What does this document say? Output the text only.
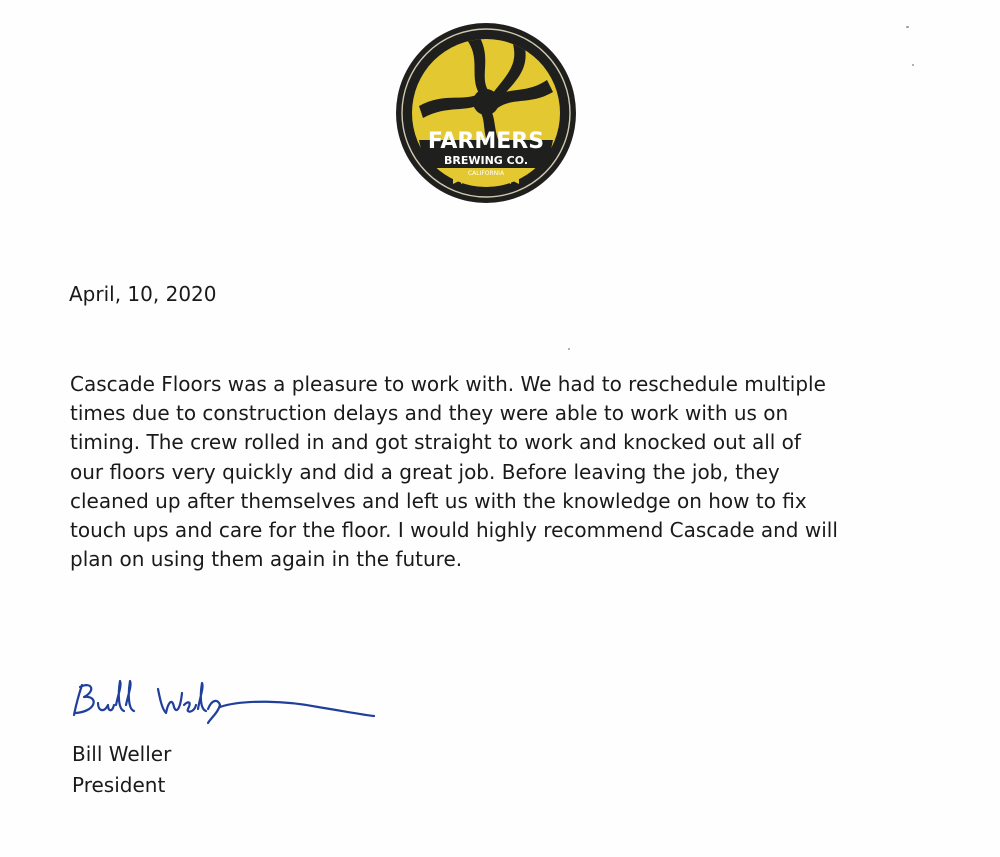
FARMERS
BREWING CO.
CALIFORNIA
April, 10, 2020
Cascade Floors was a pleasure to work with. We had to reschedule multiple
times due to construction delays and they were able to work with us on
timing. The crew rolled in and got straight to work and knocked out all of
our floors very quickly and did a great job. Before leaving the job, they
cleaned up after themselves and left us with the knowledge on how to fix
touch ups and care for the floor. I would highly recommend Cascade and will
plan on using them again in the future.
Bill Weller
President
